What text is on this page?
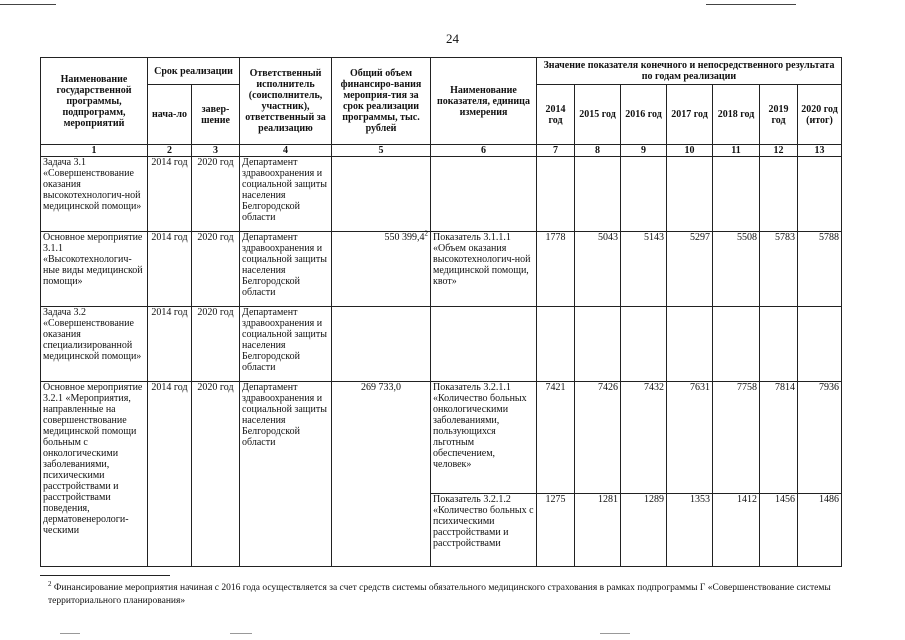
24
Наименование государственной программы, подпрограмм, мероприятий	Срок реализации		Ответственный исполнитель (соисполнитель, участник), ответственный за реализацию	Общий объем финансиро-вания мероприя-тия за срок реализации программы, тыс. рублей	Наименование показателя, единица измерения	Значение показателя конечного и непосредственного результата по годам реализации						
	нача-ло	завер-шение				2014 год	2015 год	2016 год	2017 год	2018 год	2019 год	2020 год (итог)
1	2	3	4	5	6	7	8	9	10	11	12	13
Задача 3.1 «Совершенствование оказания высокотехнологич-ной медицинской помощи»	2014 год	2020 год	Департамент здравоохранения и социальной защиты населения Белгородской области									
Основное мероприятие 3.1.1 «Высокотехнологич-ные виды медицинской помощи»	2014 год	2020 год	Департамент здравоохранения и социальной защиты населения Белгородской области	550 399,4$^2$	Показатель 3.1.1.1 «Объем оказания высокотехнологич-ной медицинской помощи, квот»	1778	5043	5143	5297	5508	5783	5788
Задача 3.2 «Совершенствование оказания специализированной медицинской помощи»	2014 год	2020 год	Департамент здравоохранения и социальной защиты населения Белгородской области									
Основное мероприятие 3.2.1 «Мероприятия, направленные на совершенствование медицинской помощи больным с онкологическими заболеваниями, психическими расстройствами и расстройствами поведения, дерматовенерологи-ческими	2014 год	2020 год	Департамент здравоохранения и социальной защиты населения Белгородской области	269 733,0	Показатель 3.2.1.1 «Количество больных онкологическими заболеваниями, пользующихся льготным обеспечением, человек»	7421	7426	7432	7631	7758	7814	7936
					Показатель 3.2.1.2 «Количество больных с психическими расстройствами и расстройствами	1275	1281	1289	1353	1412	1456	1486
$^2$ Финансирование мероприятия начиная с 2016 года осуществляется за счет средств системы обязательного медицинского страхования в рамках подпрограммы Г «Совершенствование системы территориального планирования»
